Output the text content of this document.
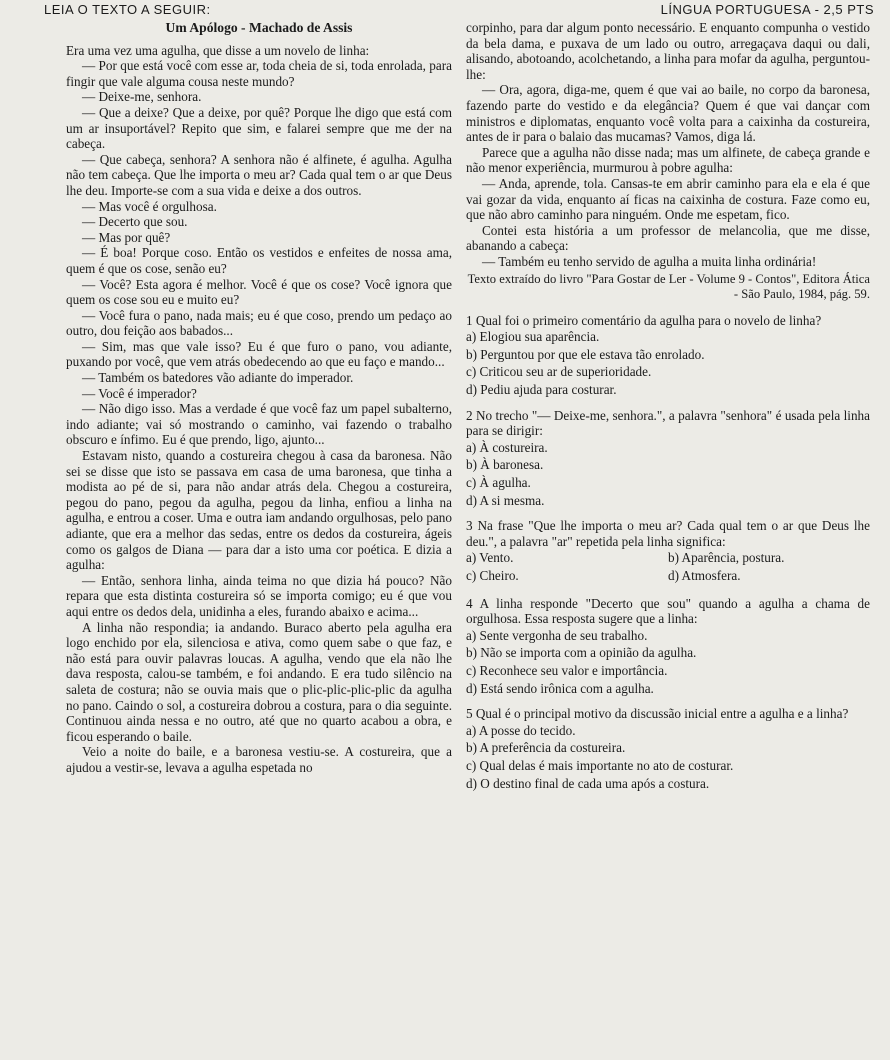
LEIA O TEXTO A SEGUIR:	LÍNGUA PORTUGUESA - 2,5 PTS
Um Apólogo - Machado de Assis

Era uma vez uma agulha, que disse a um novelo de linha:

— Por que está você com esse ar, toda cheia de si, toda enrolada, para fingir que vale alguma cousa neste mundo?

— Deixe-me, senhora.

— Que a deixe? Que a deixe, por quê? Porque lhe digo que está com um ar insuportável? Repito que sim, e falarei sempre que me der na cabeça.

— Que cabeça, senhora? A senhora não é alfinete, é agulha. Agulha não tem cabeça. Que lhe importa o meu ar? Cada qual tem o ar que Deus lhe deu. Importe-se com a sua vida e deixe a dos outros.

— Mas você é orgulhosa.

— Decerto que sou.

— Mas por quê?

— É boa! Porque coso. Então os vestidos e enfeites de nossa ama, quem é que os cose, senão eu?

— Você? Esta agora é melhor. Você é que os cose? Você ignora que quem os cose sou eu e muito eu?

— Você fura o pano, nada mais; eu é que coso, prendo um pedaço ao outro, dou feição aos babados...

— Sim, mas que vale isso? Eu é que furo o pano, vou adiante, puxando por você, que vem atrás obedecendo ao que eu faço e mando...

— Também os batedores vão adiante do imperador.

— Você é imperador?

— Não digo isso. Mas a verdade é que você faz um papel subalterno, indo adiante; vai só mostrando o caminho, vai fazendo o trabalho obscuro e ínfimo. Eu é que prendo, ligo, ajunto...

Estavam nisto, quando a costureira chegou à casa da baronesa. Não sei se disse que isto se passava em casa de uma baronesa, que tinha a modista ao pé de si, para não andar atrás dela. Chegou a costureira, pegou do pano, pegou da agulha, pegou da linha, enfiou a linha na agulha, e entrou a coser. Uma e outra iam andando orgulhosas, pelo pano adiante, que era a melhor das sedas, entre os dedos da costureira, ágeis como os galgos de Diana — para dar a isto uma cor poética. E dizia a agulha:

— Então, senhora linha, ainda teima no que dizia há pouco? Não repara que esta distinta costureira só se importa comigo; eu é que vou aqui entre os dedos dela, unidinha a eles, furando abaixo e acima...

A linha não respondia; ia andando. Buraco aberto pela agulha era logo enchido por ela, silenciosa e ativa, como quem sabe o que faz, e não está para ouvir palavras loucas. A agulha, vendo que ela não lhe dava resposta, calou-se também, e foi andando. E era tudo silêncio na saleta de costura; não se ouvia mais que o plic-plic-plic-plic da agulha no pano. Caindo o sol, a costureira dobrou a costura, para o dia seguinte. Continuou ainda nessa e no outro, até que no quarto acabou a obra, e ficou esperando o baile.

Veio a noite do baile, e a baronesa vestiu-se. A costureira, que a ajudou a vestir-se, levava a agulha espetada no

corpinho, para dar algum ponto necessário. E enquanto compunha o vestido da bela dama, e puxava de um lado ou outro, arregaçava daqui ou dali, alisando, abotoando, acolchetando, a linha para mofar da agulha, perguntou-lhe:

— Ora, agora, diga-me, quem é que vai ao baile, no corpo da baronesa, fazendo parte do vestido e da elegância? Quem é que vai dançar com ministros e diplomatas, enquanto você volta para a caixinha da costureira, antes de ir para o balaio das mucamas? Vamos, diga lá.

Parece que a agulha não disse nada; mas um alfinete, de cabeça grande e não menor experiência, murmurou à pobre agulha:

— Anda, aprende, tola. Cansas-te em abrir caminho para ela e ela é que vai gozar da vida, enquanto aí ficas na caixinha de costura. Faze como eu, que não abro caminho para ninguém. Onde me espetam, fico.

Contei esta história a um professor de melancolia, que me disse, abanando a cabeça:

— Também eu tenho servido de agulha a muita linha ordinária!

Texto extraído do livro "Para Gostar de Ler - Volume 9 - Contos", Editora Ática - São Paulo, 1984, pág. 59.

1 Qual foi o primeiro comentário da agulha para o novelo de linha?

a) Elogiou sua aparência.
b) Perguntou por que ele estava tão enrolado.
c) Criticou seu ar de superioridade.
d) Pediu ajuda para costurar.

2 No trecho "— Deixe-me, senhora.", a palavra "senhora" é usada pela linha para se dirigir:

a) À costureira.
b) À baronesa.
c) À agulha.
d) A si mesma.

3 Na frase "Que lhe importa o meu ar? Cada qual tem o ar que Deus lhe deu.", a palavra "ar" repetida pela linha significa:

a) Vento.	b) Aparência, postura.
c) Cheiro.	d) Atmosfera.

4 A linha responde "Decerto que sou" quando a agulha a chama de orgulhosa. Essa resposta sugere que a linha:

a) Sente vergonha de seu trabalho.
b) Não se importa com a opinião da agulha.
c) Reconhece seu valor e importância.
d) Está sendo irônica com a agulha.

5 Qual é o principal motivo da discussão inicial entre a agulha e a linha?

a) A posse do tecido.
b) A preferência da costureira.
c) Qual delas é mais importante no ato de costurar.
d) O destino final de cada uma após a costura.
